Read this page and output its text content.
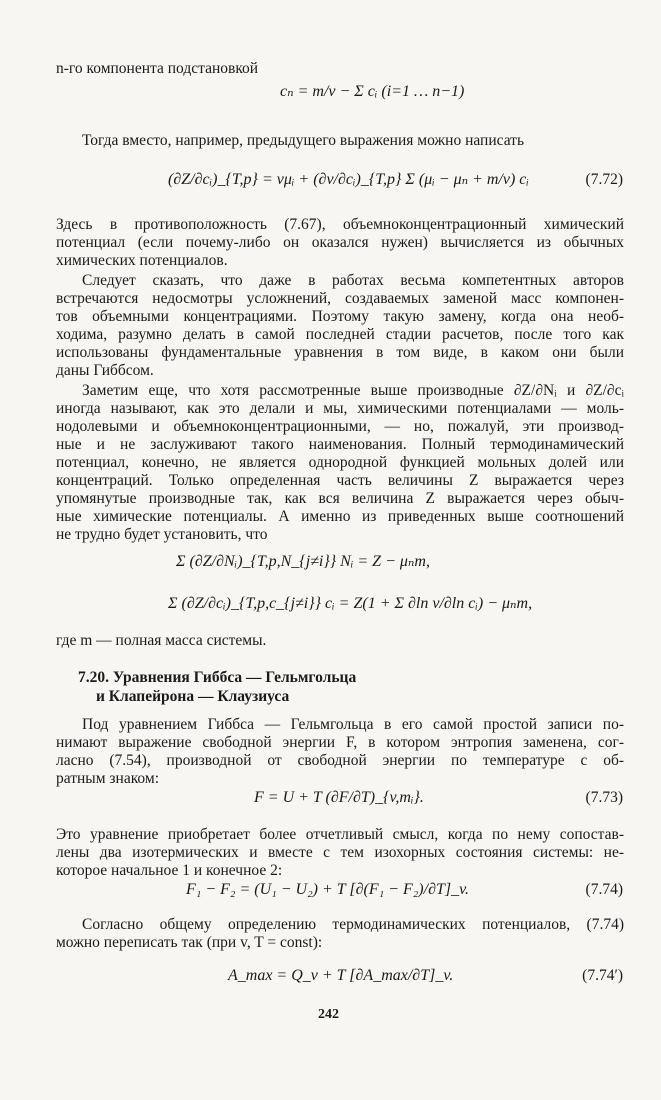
n-го компонента подстановкой
cₙ = m/v − Σ cᵢ (i=1 … n−1)
Тогда вместо, например, предыдущего выражения можно написать
(∂Z/∂cᵢ)_{T,p} = vμᵢ + (∂v/∂cᵢ)_{T,p} Σ (μᵢ − μₙ + m/v) cᵢ	(7.72)
Здесь в противоположность (7.67), объемноконцентрационный химический
потенциал (если почему-либо он оказался нужен) вычисляется из обычных
химических потенциалов.
Следует сказать, что даже в работах весьма компетентных авторов
встречаются недосмотры усложнений, создаваемых заменой масс компонен-
тов объемными концентрациями. Поэтому такую замену, когда она необ-
ходима, разумно делать в самой последней стадии расчетов, после того как
использованы фундаментальные уравнения в том виде, в каком они были
даны Гиббсом.
Заметим еще, что хотя рассмотренные выше производные ∂Z/∂Nᵢ и ∂Z/∂cᵢ
иногда называют, как это делали и мы, химическими потенциалами — моль-
нодолевыми и объемноконцентрационными, — но, пожалуй, эти производ-
ные и не заслуживают такого наименования. Полный термодинамический
потенциал, конечно, не является однородной функцией мольных долей или
концентраций. Только определенная часть величины Z выражается через
упомянутые производные так, как вся величина Z выражается через обыч-
ные химические потенциалы. А именно из приведенных выше соотношений
не трудно будет установить, что
Σ (∂Z/∂Nᵢ)_{T,p,N_{j≠i}} Nᵢ = Z − μₙm,
Σ (∂Z/∂cᵢ)_{T,p,c_{j≠i}} cᵢ = Z(1 + Σ ∂ln v/∂ln cᵢ) − μₙm,
где m — полная масса системы.
7.20. Уравнения Гиббса — Гельмгольца
и Клапейрона — Клаузиуса
Под уравнением Гиббса — Гельмгольца в его самой простой записи по-
нимают выражение свободной энергии F, в котором энтропия заменена, сог-
ласно (7.54), производной от свободной энергии по температуре с об-
ратным знаком:
F = U + T (∂F/∂T)_{v,mᵢ}.	(7.73)
Это уравнение приобретает более отчетливый смысл, когда по нему сопостав-
лены два изотермических и вместе с тем изохорных состояния системы: не-
которое начальное 1 и конечное 2:
F₁ − F₂ = (U₁ − U₂) + T [∂(F₁ − F₂)/∂T]_v.	(7.74)
Согласно общему определению термодинамических потенциалов, (7.74)
можно переписать так (при v, T = const):
A_max = Q_v + T [∂A_max/∂T]_v.	(7.74′)
242
